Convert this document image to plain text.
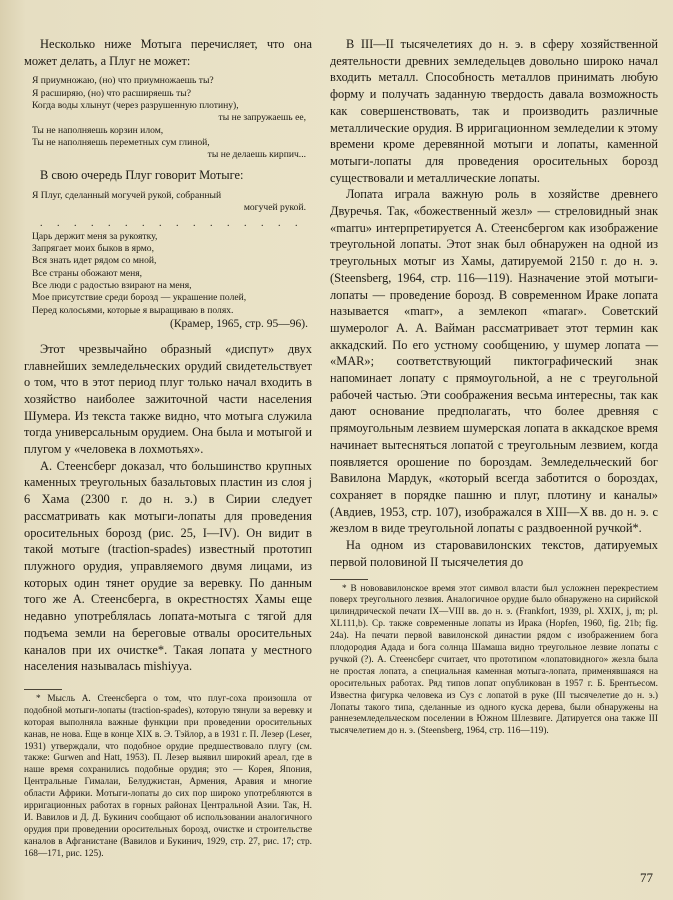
Несколько ниже Мотыга перечисляет, что она может делать, а Плуг не может:

Я приумножаю, (но) что приумножаешь ты?
Я расширяю, (но) что расширяешь ты?
Когда воды хлынут (через разрушенную плотину),
ты не запружаешь ее,
Ты не наполняешь корзин илом,
Ты не наполняешь переметных сум глиной,
ты не делаешь кирпич...

В свою очередь Плуг говорит Мотыге:

Я Плуг, сделанный могучей рукой, собранный
могучей рукой.
. . . . . . . . . . . . . . . .
Царь держит меня за рукоятку,
Запрягает моих быков в ярмо,
Вся знать идет рядом со мной,
Все страны обожают меня,
Все люди с радостью взирают на меня,
Мое присутствие среди борозд — украшение полей,
Перед колосьями, которые я выращиваю в полях.
(Крамер, 1965, стр. 95—96).

Этот чрезвычайно образный «диспут» двух главнейших земледельческих орудий свидетельствует о том, что в этот период плуг только начал входить в хозяйство наиболее зажиточной части населения Шумера. Из текста также видно, что мотыга служила тогда универсальным орудием. Она была и мотыгой и плугом у «человека в лохмотьях».

А. Стеенсберг доказал, что большинство крупных каменных треугольных базальтовых пластин из слоя j 6 Хама (2300 г. до н. э.) в Сирии следует рассматривать как мотыги-лопаты для проведения оросительных борозд (рис. 25, I—IV). Он видит в такой мотыге (traction-spades) известный прототип плужного орудия, управляемого двумя лицами, из которых один тянет орудие за веревку. По данным того же А. Стеенсберга, в окрестностях Хамы еще недавно употреблялась лопата-мотыга с тягой для подъема земли на береговые отвалы оросительных каналов при их очистке*. Такая лопата у местного населения называлась mishiyya.

* Мысль А. Стеенсберга о том, что плуг-соха произошла от подобной мотыги-лопаты (traction-spades), которую тянули за веревку и которая выполняла важные функции при проведении оросительных канав, не нова. Еще в конце XIX в. Э. Тэйлор, а в 1931 г. П. Лезер (Leser, 1931) утверждали, что подобное орудие предшествовало плугу (см. также: Gurwen and Hatt, 1953). П. Лезер выявил широкий ареал, где в наше время сохранились подобные орудия; это — Корея, Япония, Центральные Гималаи, Белуджистан, Армения, Аравия и многие области Африки. Мотыги-лопаты до сих пор широко употребляются в ирригационных работах в горных районах Центральной Азии. Так, Н. И. Вавилов и Д. Д. Букинич сообщают об использовании аналогичного орудия при проведении оросительных борозд, очистке и строительстве каналов в Афганистане (Вавилов и Букинич, 1929, стр. 27, рис. 17; стр. 168—171, рис. 125).

В III—II тысячелетиях до н. э. в сферу хозяйственной деятельности древних земледельцев довольно широко начал входить металл. Способность металлов принимать любую форму и получать заданную твердость давала возможность как совершенствовать, так и производить различные металлические орудия. В ирригационном земледелии к этому времени кроме деревянной мотыги и лопаты, каменной мотыги-лопаты для проведения оросительных борозд существовали и металлические лопаты.

Лопата играла важную роль в хозяйстве древнего Двуречья. Так, «божественный жезл» — стреловидный знак «marru» интерпретируется А. Стеенсбергом как изображение треугольной лопаты. Этот знак был обнаружен на одной из треугольных мотыг из Хамы, датируемой 2150 г. до н. э. (Steensberg, 1964, стр. 116—119). Назначение этой мотыги-лопаты — проведение борозд. В современном Ираке лопата называется «marr», а землекоп «marar». Советский шумеролог А. А. Вайман рассматривает этот термин как аккадский. По его устному сообщению, у шумер лопата — «MAR»; соответствующий пиктографический знак напоминает лопату с прямоугольной, а не с треугольной рабочей частью. Эти соображения весьма интересны, так как дают основание предполагать, что более древняя с прямоугольным лезвием шумерская лопата в аккадское время начинает вытесняться лопатой с треугольным лезвием, когда появляется орошение по бороздам. Земледельческий бог Вавилона Мардук, «который всегда заботится о бороздах, сохраняет в порядке пашню и плуг, плотину и каналы» (Авдиев, 1953, стр. 107), изображался в XIII—X вв. до н. э. с жезлом в виде треугольной лопаты с раздвоенной ручкой*.

На одном из старовавилонских текстов, датируемых первой половиной II тысячелетия до

* В нововавилонское время этот символ власти был усложнен перекрестием поверх треугольного лезвия. Аналогичное орудие было обнаружено на сирийской цилиндрической печати IX—VIII вв. до н. э. (Frankfort, 1939, pl. XXIX, j, m; pl. XL111,b). Ср. также современные лопаты из Ирака (Hopfen, 1960, fig. 21b; fig. 24a). На печати первой вавилонской династии рядом с изображением бога плодородия Адада и бога солнца Шамаша видно треугольное лезвие лопаты с ручкой (?). А. Стеенсберг считает, что прототипом «лопатовидного» жезла была не простая лопата, а специальная каменная мотыга-лопата, применявшаяся на оросительных работах. Ряд типов лопат опубликован в 1957 г. Б. Брентьесом. Известна фигурка человека из Суз с лопатой в руке (III тысячелетие до н. э.) Лопаты такого типа, сделанные из одного куска дерева, были обнаружены на раннеземледельческом поселении в Южном Шлезвиге. Датируется она также III тысячелетием до н. э. (Steensberg, 1964, стр. 116—119).

77
